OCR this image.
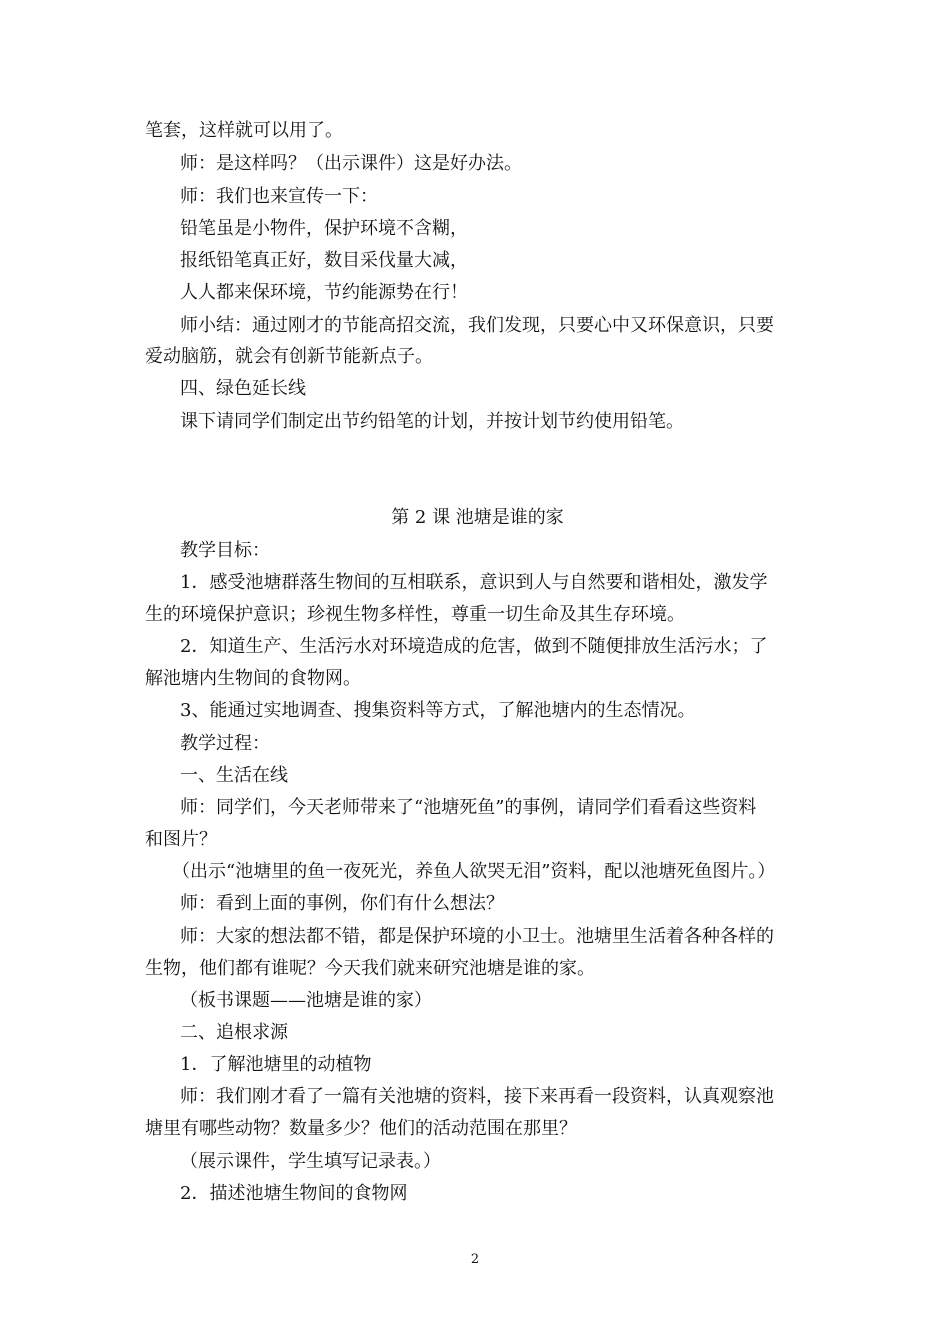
笔套，这样就可以用了。
师：是这样吗？（出示课件）这是好办法。
师：我们也来宣传一下：
铅笔虽是小物件，保护环境不含糊，
报纸铅笔真正好，数目采伐量大减，
人人都来保环境，节约能源势在行！
师小结：通过刚才的节能高招交流，我们发现，只要心中又环保意识，只要
爱动脑筋，就会有创新节能新点子。
四、绿色延长线
课下请同学们制定出节约铅笔的计划，并按计划节约使用铅笔。
第 2 课 池塘是谁的家
教学目标：
1．感受池塘群落生物间的互相联系，意识到人与自然要和谐相处，激发学
生的环境保护意识；珍视生物多样性，尊重一切生命及其生存环境。
2．知道生产、生活污水对环境造成的危害，做到不随便排放生活污水；了
解池塘内生物间的食物网。
3、能通过实地调查、搜集资料等方式，了解池塘内的生态情况。
教学过程：
一、生活在线
师：同学们，今天老师带来了“池塘死鱼”的事例，请同学们看看这些资料
和图片？
（出示“池塘里的鱼一夜死光，养鱼人欲哭无泪”资料，配以池塘死鱼图片。）
师：看到上面的事例，你们有什么想法？
师：大家的想法都不错，都是保护环境的小卫士。池塘里生活着各种各样的
生物，他们都有谁呢？今天我们就来研究池塘是谁的家。
（板书课题——池塘是谁的家）
二、追根求源
1．了解池塘里的动植物
师：我们刚才看了一篇有关池塘的资料，接下来再看一段资料，认真观察池
塘里有哪些动物？数量多少？他们的活动范围在那里？
（展示课件，学生填写记录表。）
2．描述池塘生物间的食物网
2
